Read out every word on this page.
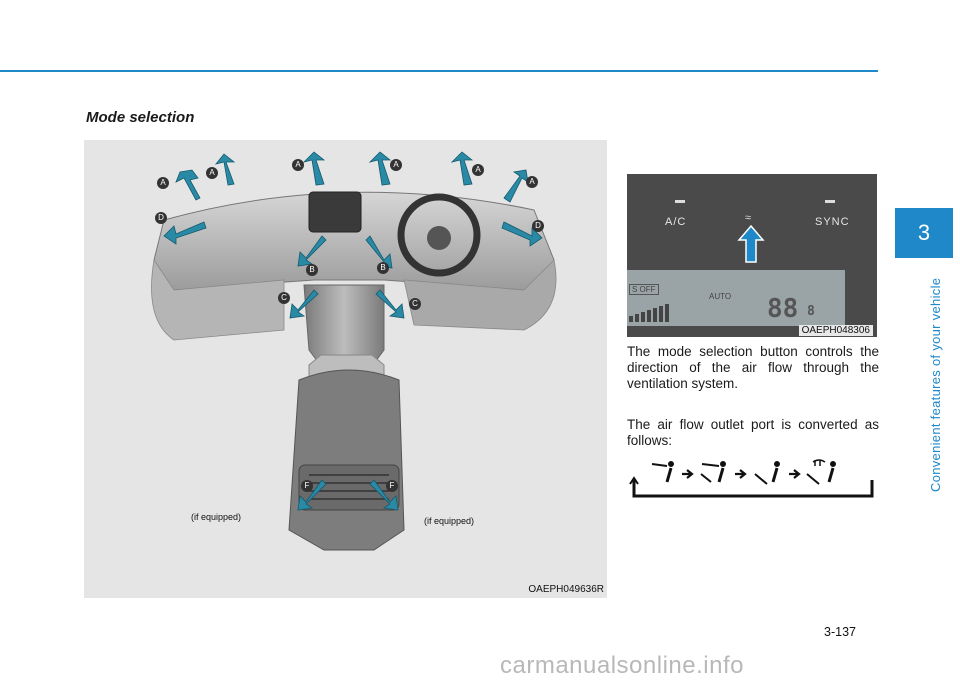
Mode selection
A
A
A	A
A
A
B	B
C
C
D
D
F	F
(if equipped)	(if equipped)
OAEPH049636R
A/C	SYNC
≈
S OFF
AUTO 88 8
OAEPH048306
The mode selection button controls the direction of the air flow through the ventilation system.
The air flow outlet port is converted as follows:
3
Convenient features of your vehicle
3-137
carmanualsonline.info
